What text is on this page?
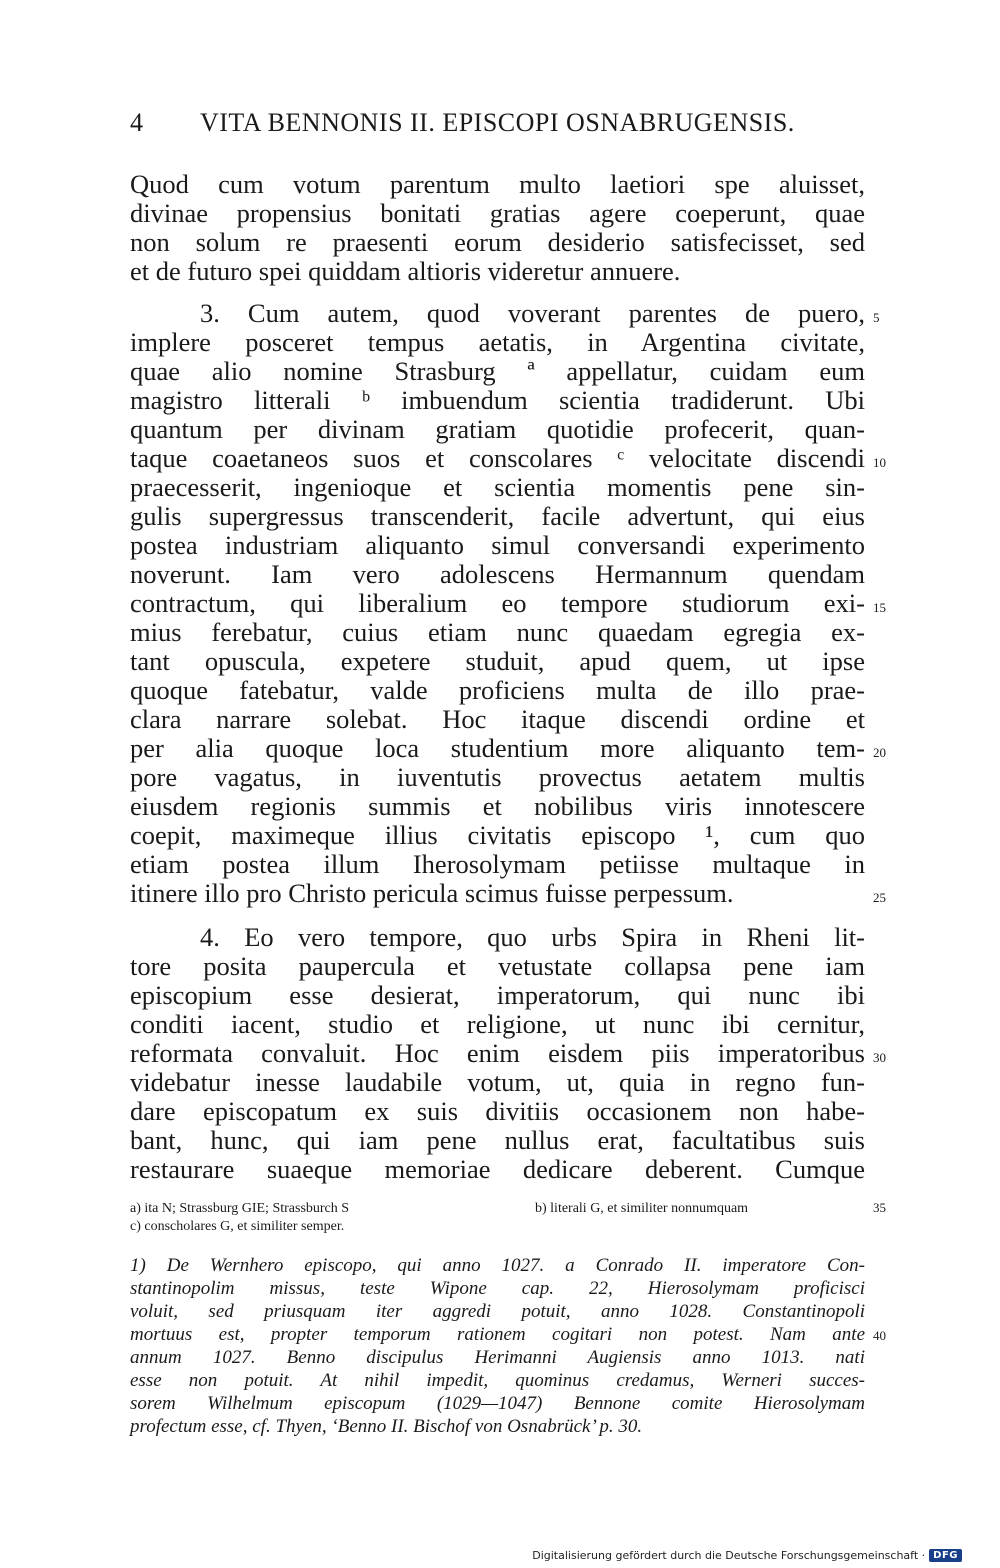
4 VITA BENNONIS II. EPISCOPI OSNABRUGENSIS.
Quod cum votum parentum multo laetiori spe aluisset,
divinae propensius bonitati gratias agere coeperunt, quae
non solum re praesenti eorum desiderio satisfecisset, sed
et de futuro spei quiddam altioris videretur annuere.
3. Cum autem, quod voverant parentes de puero,
implere posceret tempus aetatis, in Argentina civitate,
quae alio nomine Strasburg ª appellatur, cuidam eum
magistro litterali ᵇ imbuendum scientia tradiderunt. Ubi
quantum per divinam gratiam quotidie profecerit, quan-
taque coaetaneos suos et conscolares ᶜ velocitate discendi
praecesserit, ingenioque et scientia momentis pene sin-
gulis supergressus transcenderit, facile advertunt, qui eius
postea industriam aliquanto simul conversandi experimento
noverunt. Iam vero adolescens Hermannum quendam
contractum, qui liberalium eo tempore studiorum exi-
mius ferebatur, cuius etiam nunc quaedam egregia ex-
tant opuscula, expetere studuit, apud quem, ut ipse
quoque fatebatur, valde proficiens multa de illo prae-
clara narrare solebat. Hoc itaque discendi ordine et
per alia quoque loca studentium more aliquanto tem-
pore vagatus, in iuventutis provectus aetatem multis
eiusdem regionis summis et nobilibus viris innotescere
coepit, maximeque illius civitatis episcopo ¹, cum quo
etiam postea illum Iherosolymam petiisse multaque in
itinere illo pro Christo pericula scimus fuisse perpessum.
4. Eo vero tempore, quo urbs Spira in Rheni lit-
tore posita paupercula et vetustate collapsa pene iam
episcopium esse desierat, imperatorum, qui nunc ibi
conditi iacent, studio et religione, ut nunc ibi cernitur,
reformata convaluit. Hoc enim eisdem piis imperatoribus
videbatur inesse laudabile votum, ut, quia in regno fun-
dare episcopatum ex suis divitiis occasionem non habe-
bant, hunc, qui iam pene nullus erat, facultatibus suis
restaurare suaeque memoriae dedicare deberent. Cumque
5
10
15
20
25
30
35
40
a) ita N; Strassburg GIE; Strassburch S	b) literali G, et similiter nonnumquam
c) conscholares G, et similiter semper.
1) De Wernhero episcopo, qui anno 1027. a Conrado II. imperatore Con-
stantinopolim missus, teste Wipone cap. 22, Hierosolymam proficisci
voluit, sed priusquam iter aggredi potuit, anno 1028. Constantinopoli
mortuus est, propter temporum rationem cogitari non potest. Nam ante
annum 1027. Benno discipulus Herimanni Augiensis anno 1013. nati
esse non potuit. At nihil impedit, quominus credamus, Werneri succes-
sorem Wilhelmum episcopum (1029—1047) Bennone comite Hierosolymam
profectum esse, cf. Thyen, ‘Benno II. Bischof von Osnabrück’ p. 30.
Digitalisierung gefördert durch die Deutsche Forschungsgemeinschaft · DFG
